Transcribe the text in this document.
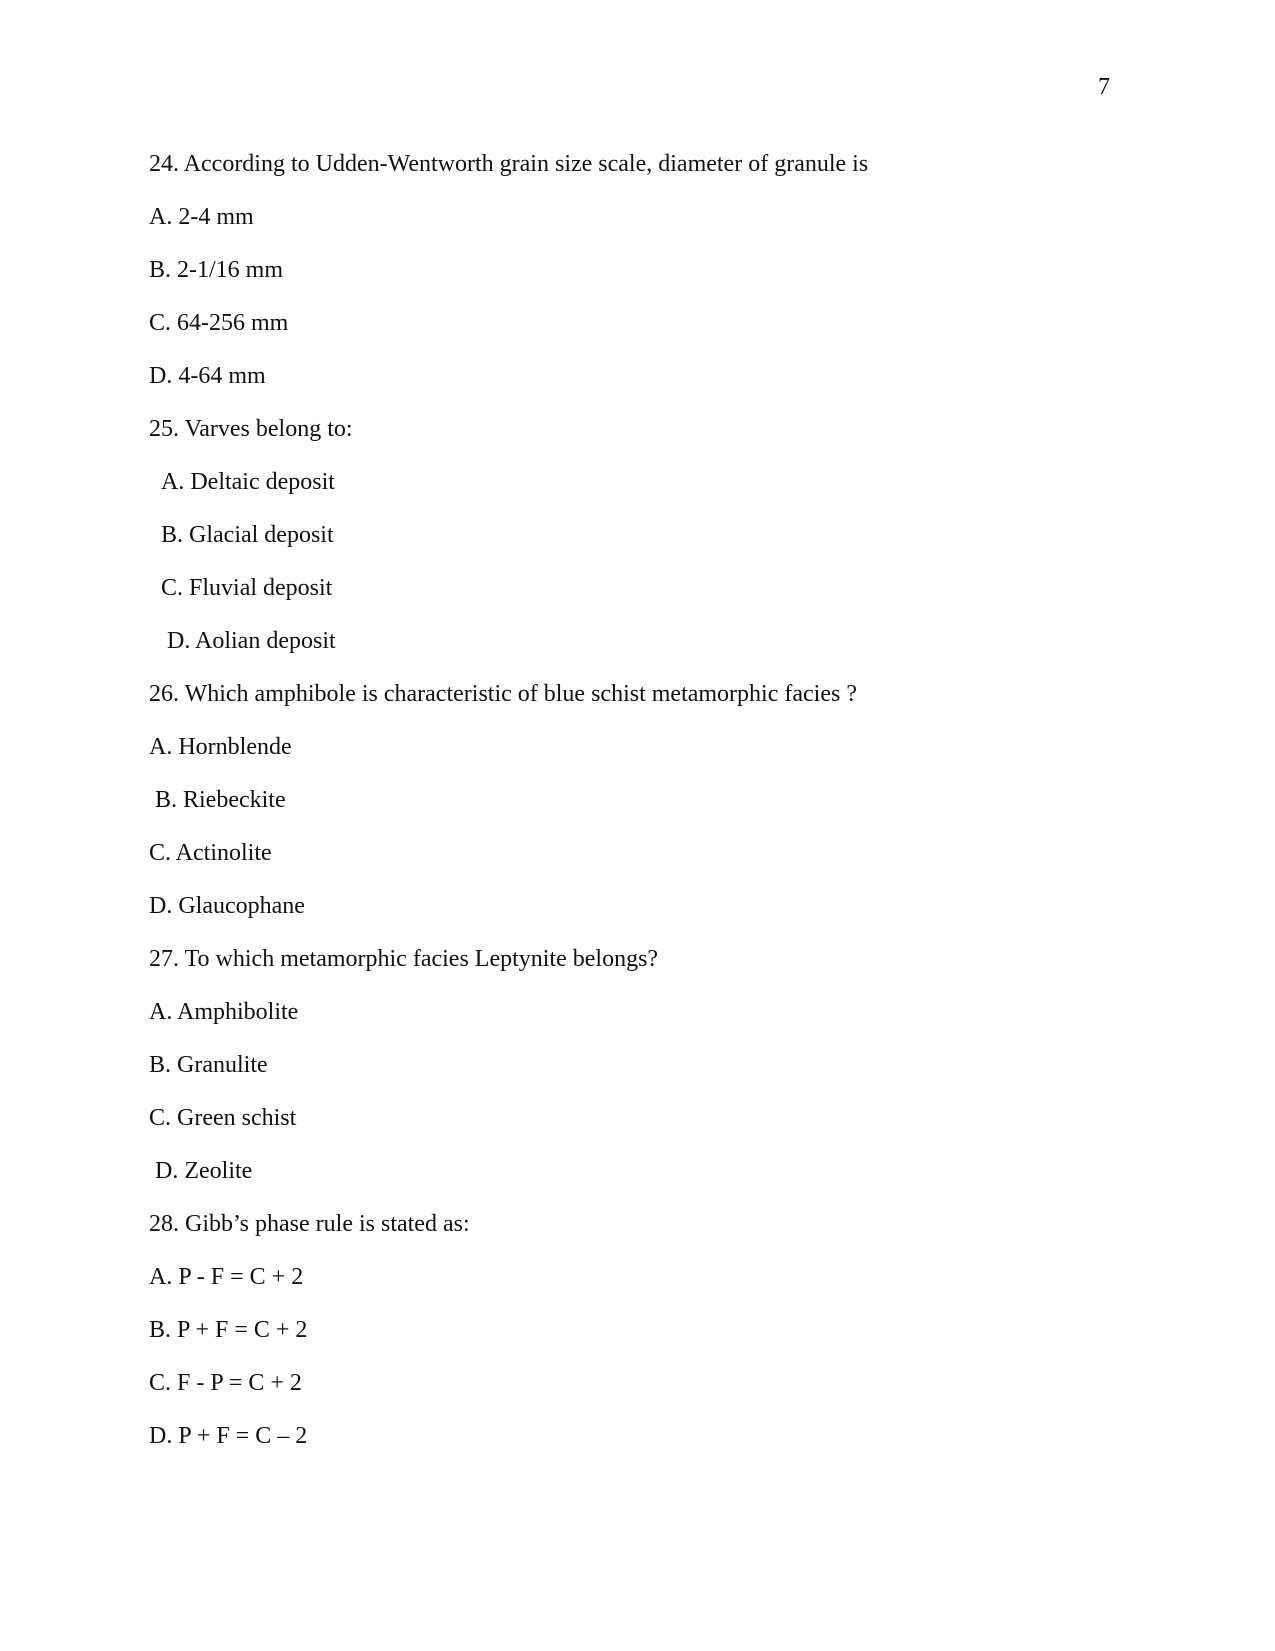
7
24. According to Udden-Wentworth grain size scale, diameter of granule is
A. 2-4 mm
B. 2-1/16 mm
C. 64-256 mm
D. 4-64 mm
25. Varves belong to:
A. Deltaic deposit
B. Glacial deposit
C. Fluvial deposit
D. Aolian deposit
26. Which amphibole is characteristic of blue schist metamorphic facies ?
A. Hornblende
B. Riebeckite
C. Actinolite
D. Glaucophane
27. To which metamorphic facies Leptynite belongs?
A. Amphibolite
B. Granulite
C. Green schist
D. Zeolite
28. Gibb’s phase rule is stated as:
A. P - F = C + 2
B. P + F = C + 2
C. F - P = C + 2
D. P + F = C – 2
